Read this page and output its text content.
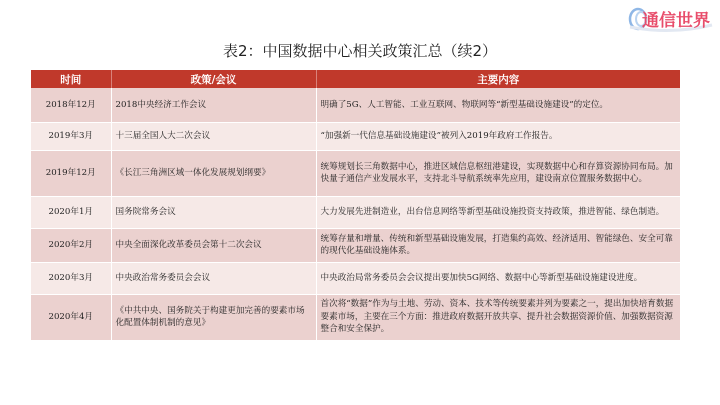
通信世界
表2：中国数据中心相关政策汇总（续2）
时间	政策/会议	主要内容
2018年12月	2018中央经济工作会议	明确了5G、人工智能、工业互联网、物联网等“新型基础设施建设”的定位。
2019年3月	十三届全国人大二次会议	“加强新一代信息基础设施建设”被列入2019年政府工作报告。
2019年12月	《长江三角洲区域一体化发展规划纲要》	统筹规划长三角数据中心，推进区域信息枢纽港建设，实现数据中心和存算资源协同布局。加快量子通信产业发展水平，支持北斗导航系统率先应用，建设南京位置服务数据中心。
2020年1月	国务院常务会议	大力发展先进制造业，出台信息网络等新型基础设施投资支持政策，推进智能、绿色制造。
2020年2月	中央全面深化改革委员会第十二次会议	统筹存量和增量、传统和新型基础设施发展，打造集约高效、经济适用、智能绿色、安全可靠的现代化基础设施体系。
2020年3月	中央政治常务委员会会议	中央政治局常务委员会会议提出要加快5G网络、数据中心等新型基础设施建设进度。
2020年4月	《中共中央、国务院关于构建更加完善的要素市场化配置体制机制的意见》	首次将“数据”作为与土地、劳动、资本、技术等传统要素并列为要素之一，提出加快培育数据要素市场，主要在三个方面：推进政府数据开放共享、提升社会数据资源价值、加强数据资源整合和安全保护。
